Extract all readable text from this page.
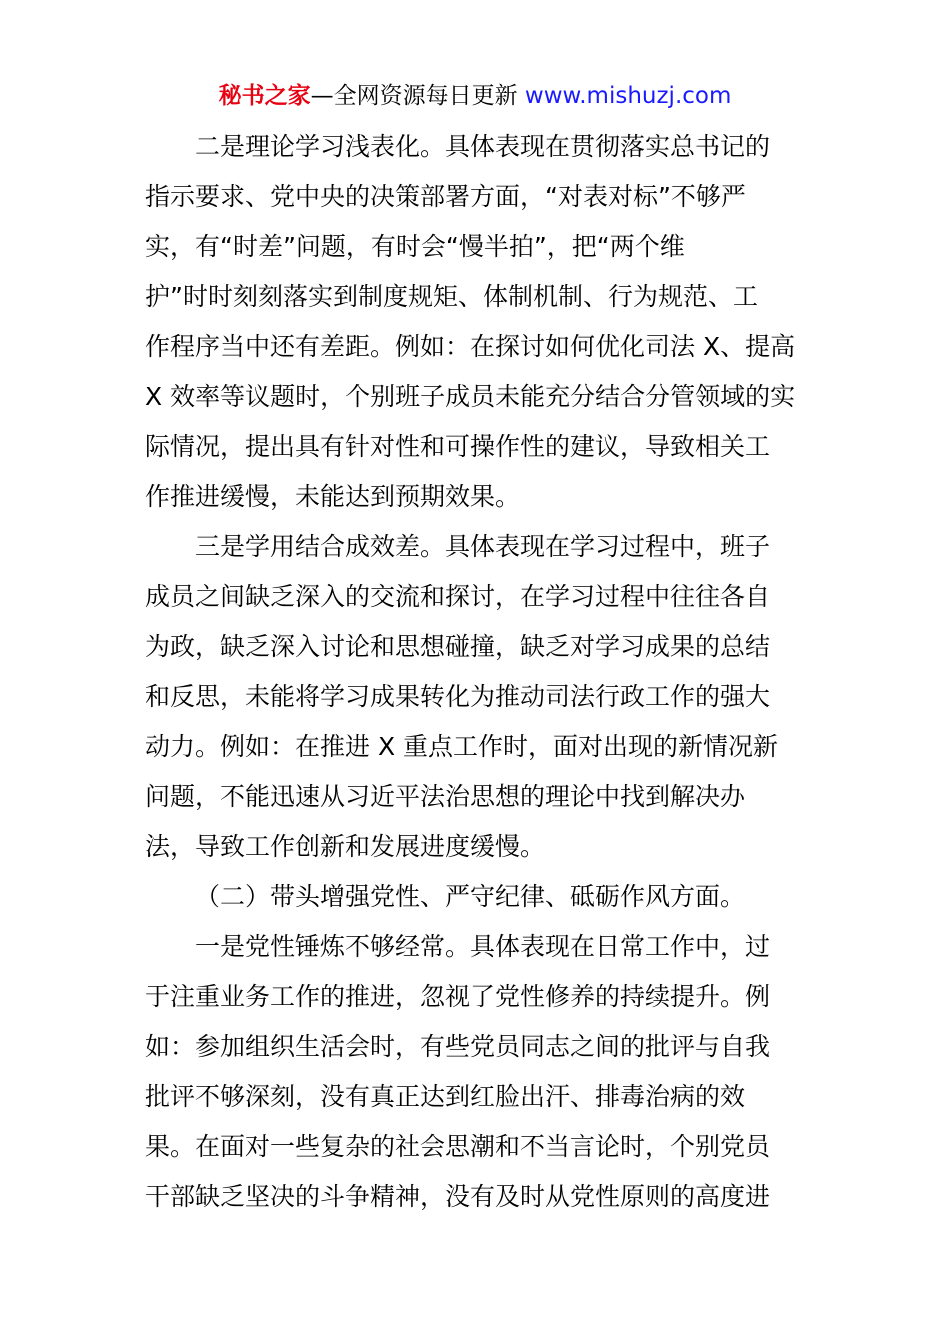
秘书之家—全网资源每日更新 www.mishuzj.com
二是理论学习浅表化。具体表现在贯彻落实总书记的
指示要求、党中央的决策部署方面，“对表对标”不够严
实，有“时差”问题，有时会“慢半拍”，把“两个维
护”时时刻刻落实到制度规矩、体制机制、行为规范、工
作程序当中还有差距。例如：在探讨如何优化司法 X、提高
X 效率等议题时，个别班子成员未能充分结合分管领域的实
际情况，提出具有针对性和可操作性的建议，导致相关工
作推进缓慢，未能达到预期效果。
三是学用结合成效差。具体表现在学习过程中，班子
成员之间缺乏深入的交流和探讨，在学习过程中往往各自
为政，缺乏深入讨论和思想碰撞，缺乏对学习成果的总结
和反思，未能将学习成果转化为推动司法行政工作的强大
动力。例如：在推进 X 重点工作时，面对出现的新情况新
问题，不能迅速从习近平法治思想的理论中找到解决办
法，导致工作创新和发展进度缓慢。
（二）带头增强党性、严守纪律、砥砺作风方面。
一是党性锤炼不够经常。具体表现在日常工作中，过
于注重业务工作的推进，忽视了党性修养的持续提升。例
如：参加组织生活会时，有些党员同志之间的批评与自我
批评不够深刻，没有真正达到红脸出汗、排毒治病的效
果。在面对一些复杂的社会思潮和不当言论时，个别党员
干部缺乏坚决的斗争精神，没有及时从党性原则的高度进
